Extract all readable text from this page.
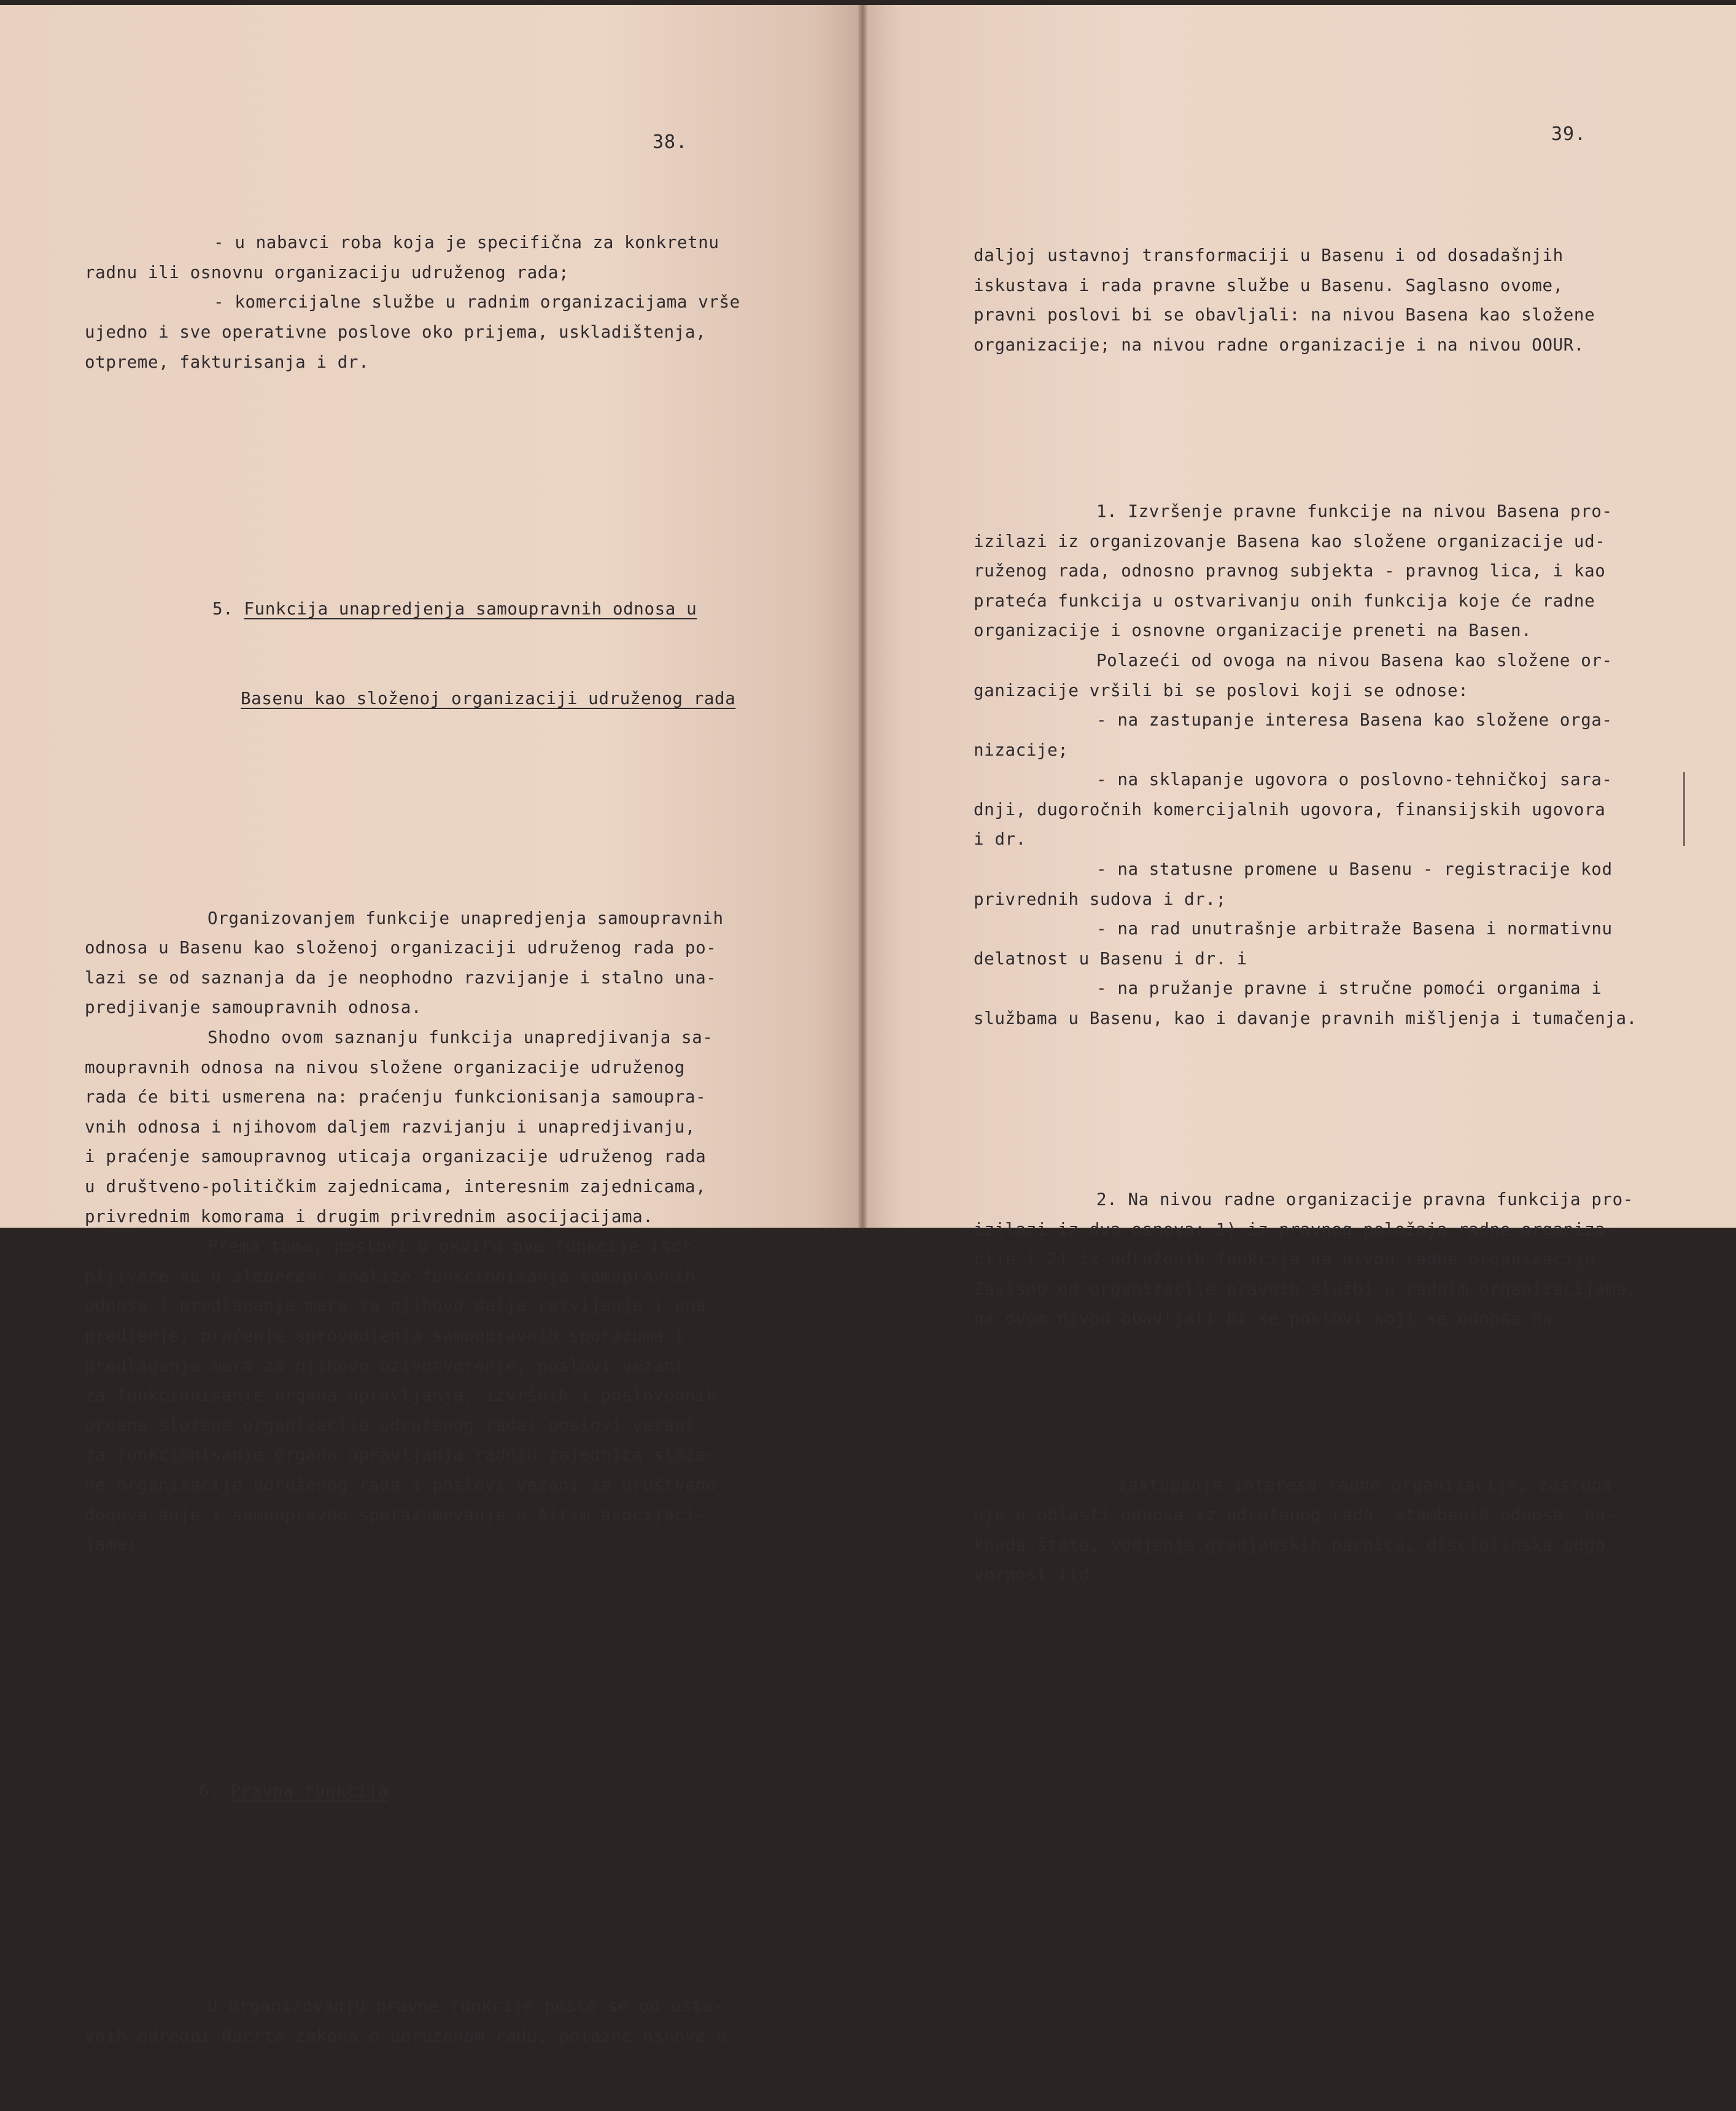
38.

- u nabavci roba koja je specifična za konkretnu
radnu ili osnovnu organizaciju udruženog rada;
- komercijalne službe u radnim organizacijama vrše
ujedno i sve operativne poslove oko prijema, uskladištenja,
otpreme, fakturisanja i dr.

5. Funkcija unapredjenja samoupravnih odnosa u

Basenu kao složenoj organizaciji udruženog rada

Organizovanjem funkcije unapredjenja samoupravnih
odnosa u Basenu kao složenoj organizaciji udruženog rada po-
lazi se od saznanja da je neophodno razvijanje i stalno una-
predjivanje samoupravnih odnosa.
Shodno ovom saznanju funkcija unapredjivanja sa-
moupravnih odnosa na nivou složene organizacije udruženog
rada će biti usmerena na: praćenju funkcionisanja samoupra-
vnih odnosa i njihovom daljem razvijanju i unapredjivanju,
i praćenje samoupravnog uticaja organizacije udruženog rada
u društveno-političkim zajednicama, interesnim zajednicama,
privrednim komorama i drugim privrednim asocijacijama.
Prema tome, poslovi u okviru ove funkcije iscr-
pljivaće se u sledećem: analize funkcionisanja samopravnih
odnosa i predlaganje mera za njihovo dalje razvijanje i una-
predjenje; praćenje sprovodjenja samoupravnih sporazuma i
predlaganje mera za njihovo oživotvorenje; poslovi vezani
za funkcionisanje organa upravljanja, izvršnih i poslovodnih
organa složene organizacije udruženog rada; poslovi vezani
za funkcionisanje organa upravljanja radnih zajednica slože-
ne organizacije udruženog rada i poslovi vezani za društveno
dogovaranje i samoupravno sporazumevanje u širim asocijaci-
jama;

6. Pravna funkcija

U organizovanju pravne funkcije pošlo se od usta-
vnih odredbi Nacrta zakona o udruženom radu, polazne osnove u

39.

daljoj ustavnoj transformaciji u Basenu i od dosadašnjih
iskustava i rada pravne službe u Basenu. Saglasno ovome,
pravni poslovi bi se obavljali: na nivou Basena kao složene
organizacije; na nivou radne organizacije i na nivou OOUR.

1. Izvršenje pravne funkcije na nivou Basena pro-
izilazi iz organizovanje Basena kao složene organizacije ud-
ruženog rada, odnosno pravnog subjekta - pravnog lica, i kao
prateća funkcija u ostvarivanju onih funkcija koje će radne
organizacije i osnovne organizacije preneti na Basen.
Polazeći od ovoga na nivou Basena kao složene or-
ganizacije vršili bi se poslovi koji se odnose:
- na zastupanje interesa Basena kao složene orga-
nizacije;
- na sklapanje ugovora o poslovno-tehničkoj sara-
dnji, dugoročnih komercijalnih ugovora, finansijskih ugovora
i dr.
- na statusne promene u Basenu - registracije kod
privrednih sudova i dr.;
- na rad unutrašnje arbitraže Basena i normativnu
delatnost u Basenu i dr. i
- na pružanje pravne i stručne pomoći organima i
službama u Basenu, kao i davanje pravnih mišljenja i tumačenja.

2. Na nivou radne organizacije pravna funkcija pro-
izilazi iz dva osnova: 1) iz pravnog položaja radne organiza-
cije i 2) iz udruženih funkcija na nivou radne organizacije.
Zavisno od organizacije pravnih službi u radnim organizacijama,
na ovom nivou obavljali bi se poslovi koji se odnose na:

- zastupanje interesa radne organizacije, zastupa-
nje u oblasti odnosa iz udruženog rada, stambenih odnosa, na-
knada štete, vodjenje gradjanskih parnica, disciplinska odgo-
vornost itd.
